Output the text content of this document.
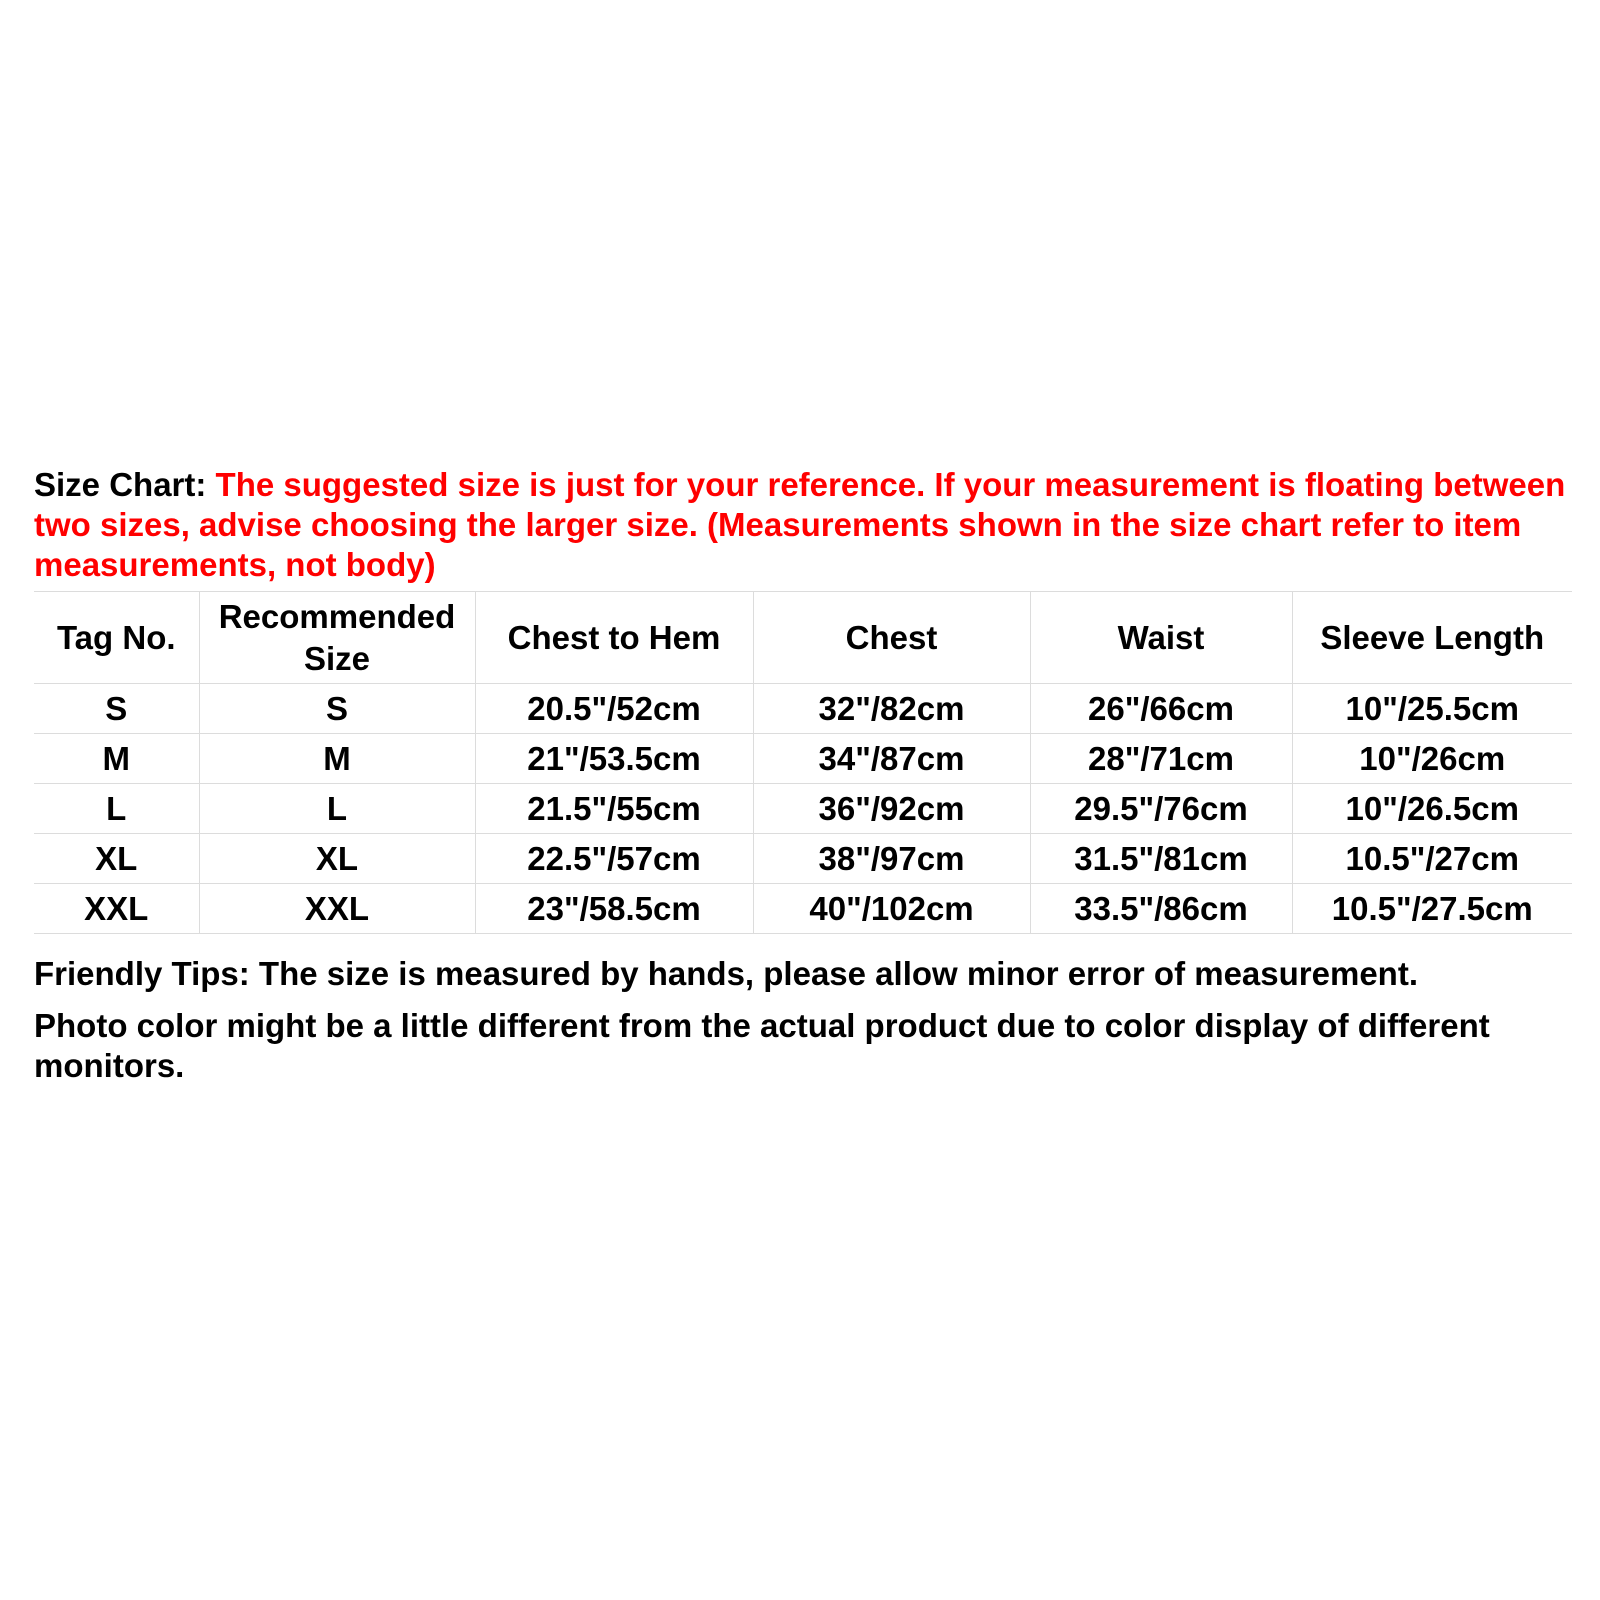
Size Chart: The suggested size is just for your reference. If your measurement is floating between two sizes, advise choosing the larger size. (Measurements shown in the size chart refer to item measurements, not body)

Tag No.	Recommended Size	Chest to Hem	Chest	Waist	Sleeve Length
S	S	20.5"/52cm	32"/82cm	26"/66cm	10"/25.5cm
M	M	21"/53.5cm	34"/87cm	28"/71cm	10"/26cm
L	L	21.5"/55cm	36"/92cm	29.5"/76cm	10"/26.5cm
XL	XL	22.5"/57cm	38"/97cm	31.5"/81cm	10.5"/27cm
XXL	XXL	23"/58.5cm	40"/102cm	33.5"/86cm	10.5"/27.5cm

Friendly Tips: The size is measured by hands, please allow minor error of measurement.

Photo color might be a little different from the actual product due to color display of different monitors.
